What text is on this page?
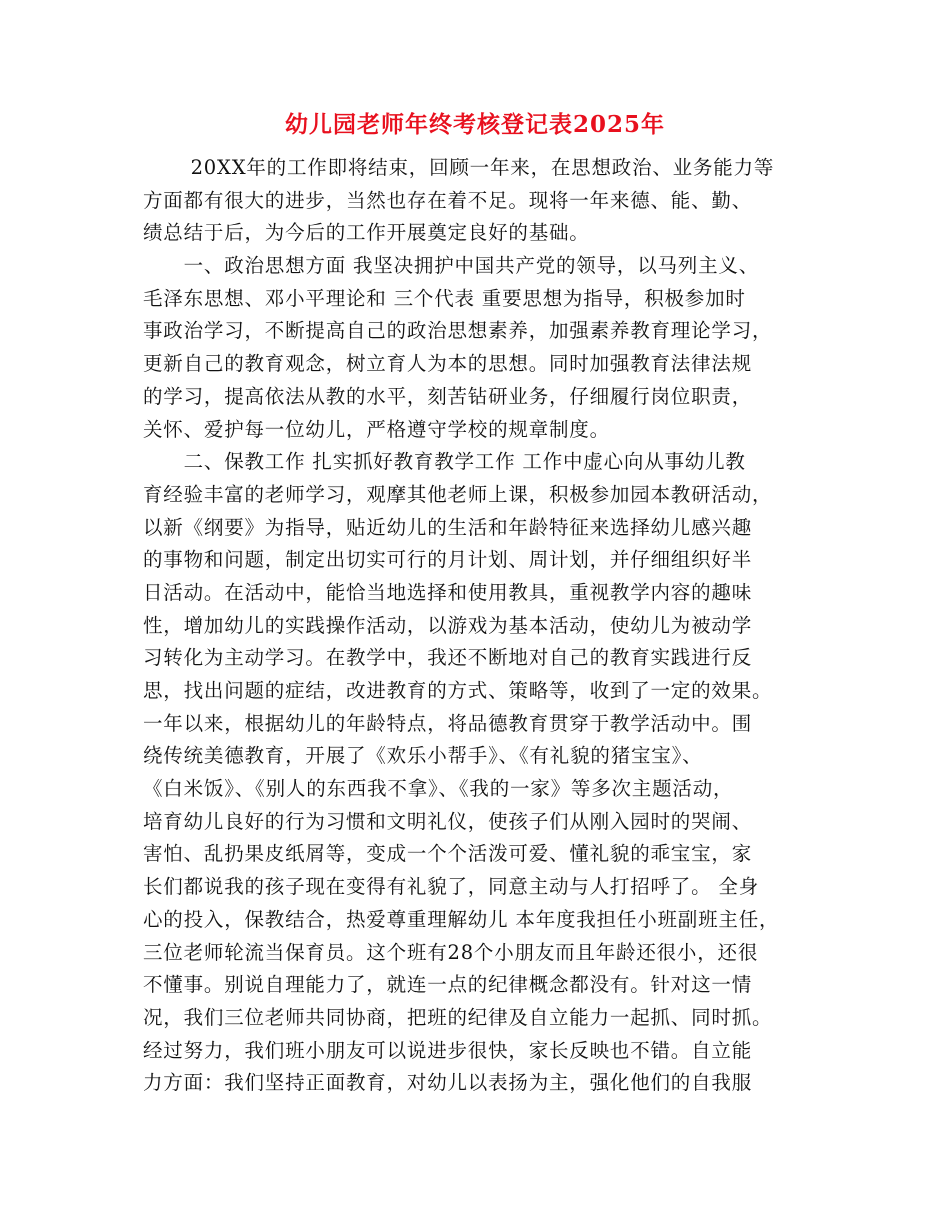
幼儿园老师年终考核登记表2025年
　　 20XX年的工作即将结束，回顾一年来，在思想政治、业务能力等
方面都有很大的进步，当然也存在着不足。现将一年来德、能、勤、
绩总结于后，为今后的工作开展奠定良好的基础。
　　一、政治思想方面 我坚决拥护中国共产党的领导，以马列主义、
毛泽东思想、邓小平理论和 三个代表 重要思想为指导，积极参加时
事政治学习，不断提高自己的政治思想素养，加强素养教育理论学习，
更新自己的教育观念，树立育人为本的思想。同时加强教育法律法规
的学习，提高依法从教的水平，刻苦钻研业务，仔细履行岗位职责，
关怀、爱护每一位幼儿，严格遵守学校的规章制度。
　　二、保教工作 扎实抓好教育教学工作 工作中虚心向从事幼儿教
育经验丰富的老师学习，观摩其他老师上课，积极参加园本教研活动，
以新《纲要》为指导，贴近幼儿的生活和年龄特征来选择幼儿感兴趣
的事物和问题，制定出切实可行的月计划、周计划，并仔细组织好半
日活动。在活动中，能恰当地选择和使用教具，重视教学内容的趣味
性，增加幼儿的实践操作活动，以游戏为基本活动，使幼儿为被动学
习转化为主动学习。在教学中，我还不断地对自己的教育实践进行反
思，找出问题的症结，改进教育的方式、策略等，收到了一定的效果。
一年以来，根据幼儿的年龄特点，将品德教育贯穿于教学活动中。围
绕传统美德教育，开展了《欢乐小帮手》、《有礼貌的猪宝宝》、
《白米饭》、《别人的东西我不拿》、《我的一家》等多次主题活动，
培育幼儿良好的行为习惯和文明礼仪，使孩子们从刚入园时的哭闹、
害怕、乱扔果皮纸屑等，变成一个个活泼可爱、懂礼貌的乖宝宝，家
长们都说我的孩子现在变得有礼貌了，同意主动与人打招呼了。 全身
心的投入，保教结合，热爱尊重理解幼儿 本年度我担任小班副班主任，
三位老师轮流当保育员。这个班有28个小朋友而且年龄还很小，还很
不懂事。别说自理能力了，就连一点的纪律概念都没有。针对这一情
况，我们三位老师共同协商，把班的纪律及自立能力一起抓、同时抓。
经过努力，我们班小朋友可以说进步很快，家长反映也不错。自立能
力方面：我们坚持正面教育，对幼儿以表扬为主，强化他们的自我服
